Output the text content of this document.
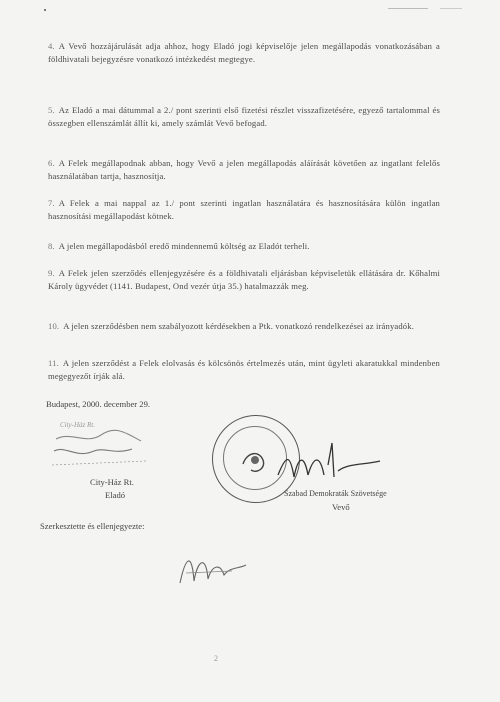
4. A Vevő hozzájárulását adja ahhoz, hogy Eladó jogi képviselője jelen megállapodás vonatkozásában a földhivatali bejegyzésre vonatkozó intézkedést megtegye.
5. Az Eladó a mai dátummal a 2./ pont szerinti első fizetési részlet visszafizetésére, egyező tartalommal és összegben ellenszámlát állít ki, amely számlát Vevő befogad.
6. A Felek megállapodnak abban, hogy Vevő a jelen megállapodás aláírását követően az ingatlant felelős használatában tartja, hasznosítja.
7. A Felek a mai nappal az 1./ pont szerinti ingatlan használatára és hasznosítására külön ingatlan hasznosítási megállapodást kötnek.
8. A jelen megállapodásból eredő mindennemű költség az Eladót terheli.
9. A Felek jelen szerződés ellenjegyzésére és a földhivatali eljárásban képviseletük ellátására dr. Kőhalmi Károly ügyvédet (1141. Budapest, Ond vezér útja 35.) hatalmazzák meg.
10. A jelen szerződésben nem szabályozott kérdésekben a Ptk. vonatkozó rendelkezései az irányadók.
11. A jelen szerződést a Felek elolvasás és kölcsönös értelmezés után, mint ügyleti akaratukkal mindenben megegyezőt írják alá.
Budapest, 2000. december 29.
City-Ház Rt.
City-Ház Rt.
Eladó	Szabad Demokraták Szövetsége
Vevő
Szerkesztette és ellenjegyezte:
2
